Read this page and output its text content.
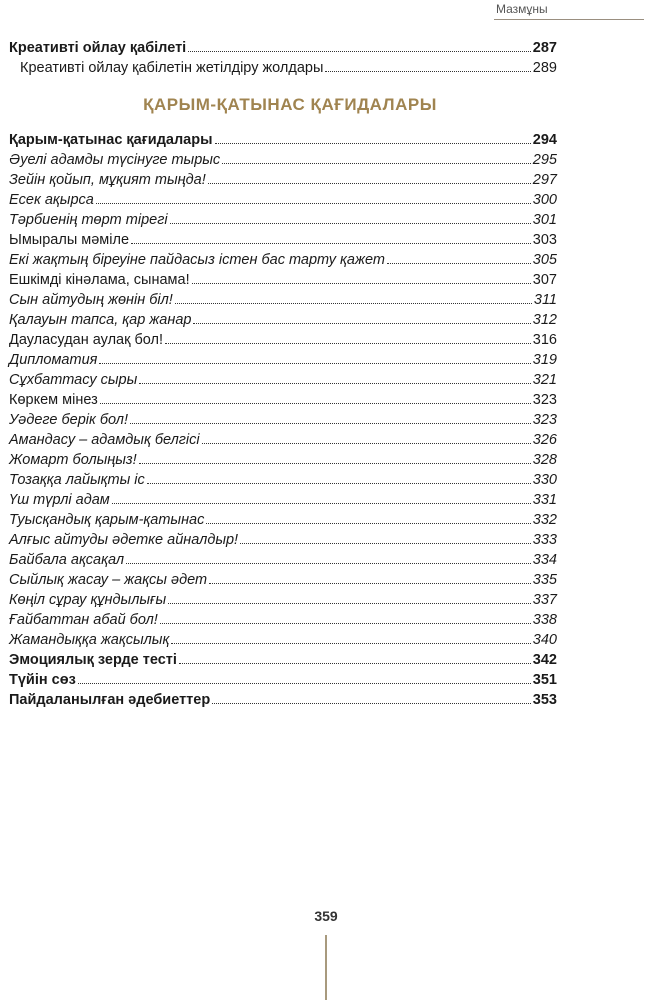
Мазмұны
Креативті ойлау қабілеті	287
Креативті ойлау қабілетін жетілдіру жолдары	289
ҚАРЫМ-ҚАТЫНАС ҚАҒИДАЛАРЫ
Қарым-қатынас қағидалары	294
Әуелі адамды түсінуге тырыс	295
Зейін қойып, мұқият тыңда!	297
Есек ақырса	300
Тәрбиенің төрт тірегі	301
Ымыралы мәміле	303
Екі жақтың біреуіне пайдасыз істен бас тарту қажет	305
Ешкімді кінәлама, сынама!	307
Сын айтудың жөнін біл!	311
Қалауын тапса, қар жанар	312
Дауласудан аулақ бол!	316
Дипломатия	319
Сұхбаттасу сыры	321
Көркем мінез	323
Уәдеге берік бол!	323
Амандасу – адамдық белгісі	326
Жомарт болыңыз!	328
Тозаққа лайықты іс	330
Үш түрлі адам	331
Туысқандық қарым-қатынас	332
Алғыс айтуды әдетке айналдыр!	333
Байбала ақсақал	334
Сыйлық жасау – жақсы әдет	335
Көңіл сұрау құндылығы	337
Ғайбаттан абай бол!	338
Жамандыққа жақсылық	340
Эмоциялық зерде тесті	342
Түйін сөз	351
Пайдаланылған әдебиеттер	353
359
